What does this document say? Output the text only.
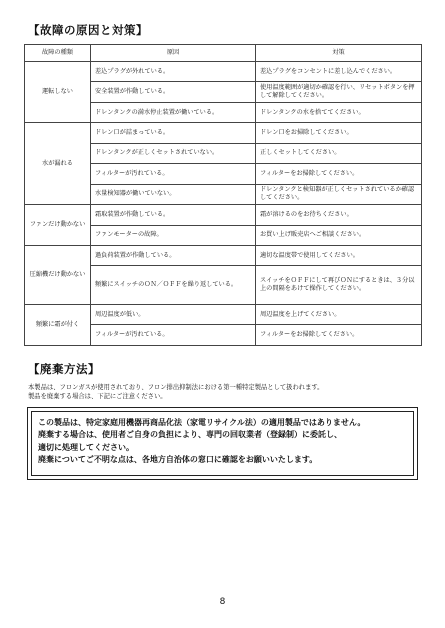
【故障の原因と対策】
故障の種類	原因	対策
運転しない	差込プラグが外れている。	差込プラグをコンセントに差し込んでください。
	安全装置が作動している。	使用温度範囲が適切か確認を行い、リセットボタンを押して解除してください。
	ドレンタンクの満水停止装置が働いている。	ドレンタンクの水を捨ててください。
水が漏れる	ドレン口が詰まっている。	ドレン口をお掃除してください。
	ドレンタンクが正しくセットされていない。	正しくセットしてください。
	フィルターが汚れている。	フィルターをお掃除してください。
	水量検知器が働いていない。	ドレンタンクと検知器が正しくセットされているか確認してください。
ファンだけ動かない	霜取装置が作動している。	霜が溶けるのをお待ちください。
	ファンモーターの故障。	お買い上げ販売店へご相談ください。
圧縮機だけ動かない	過負荷装置が作動している。	適切な温度帯で使用してください。
	頻繁にスイッチのＯＮ／ＯＦＦを繰り返している。	スイッチをＯＦＦにして再びＯＮにするときは、３分以上の間隔をあけて操作してください。
頻繁に霜が付く	周辺温度が低い。	周辺温度を上げてください。
	フィルターが汚れている。	フィルターをお掃除してください。
【廃棄方法】
本製品は、フロンガスが使用されており、フロン排出抑制法における第一種特定製品として扱われます。
製品を廃棄する場合は、下記にご注意ください。
この製品は、特定家庭用機器再商品化法（家電リサイクル法）の適用製品ではありません。
廃棄する場合は、使用者ご自身の負担により、専門の回収業者（登録制）に委託し、
適切に処理してください。
廃棄についてご不明な点は、各地方自治体の窓口に確認をお願いいたします。
8
